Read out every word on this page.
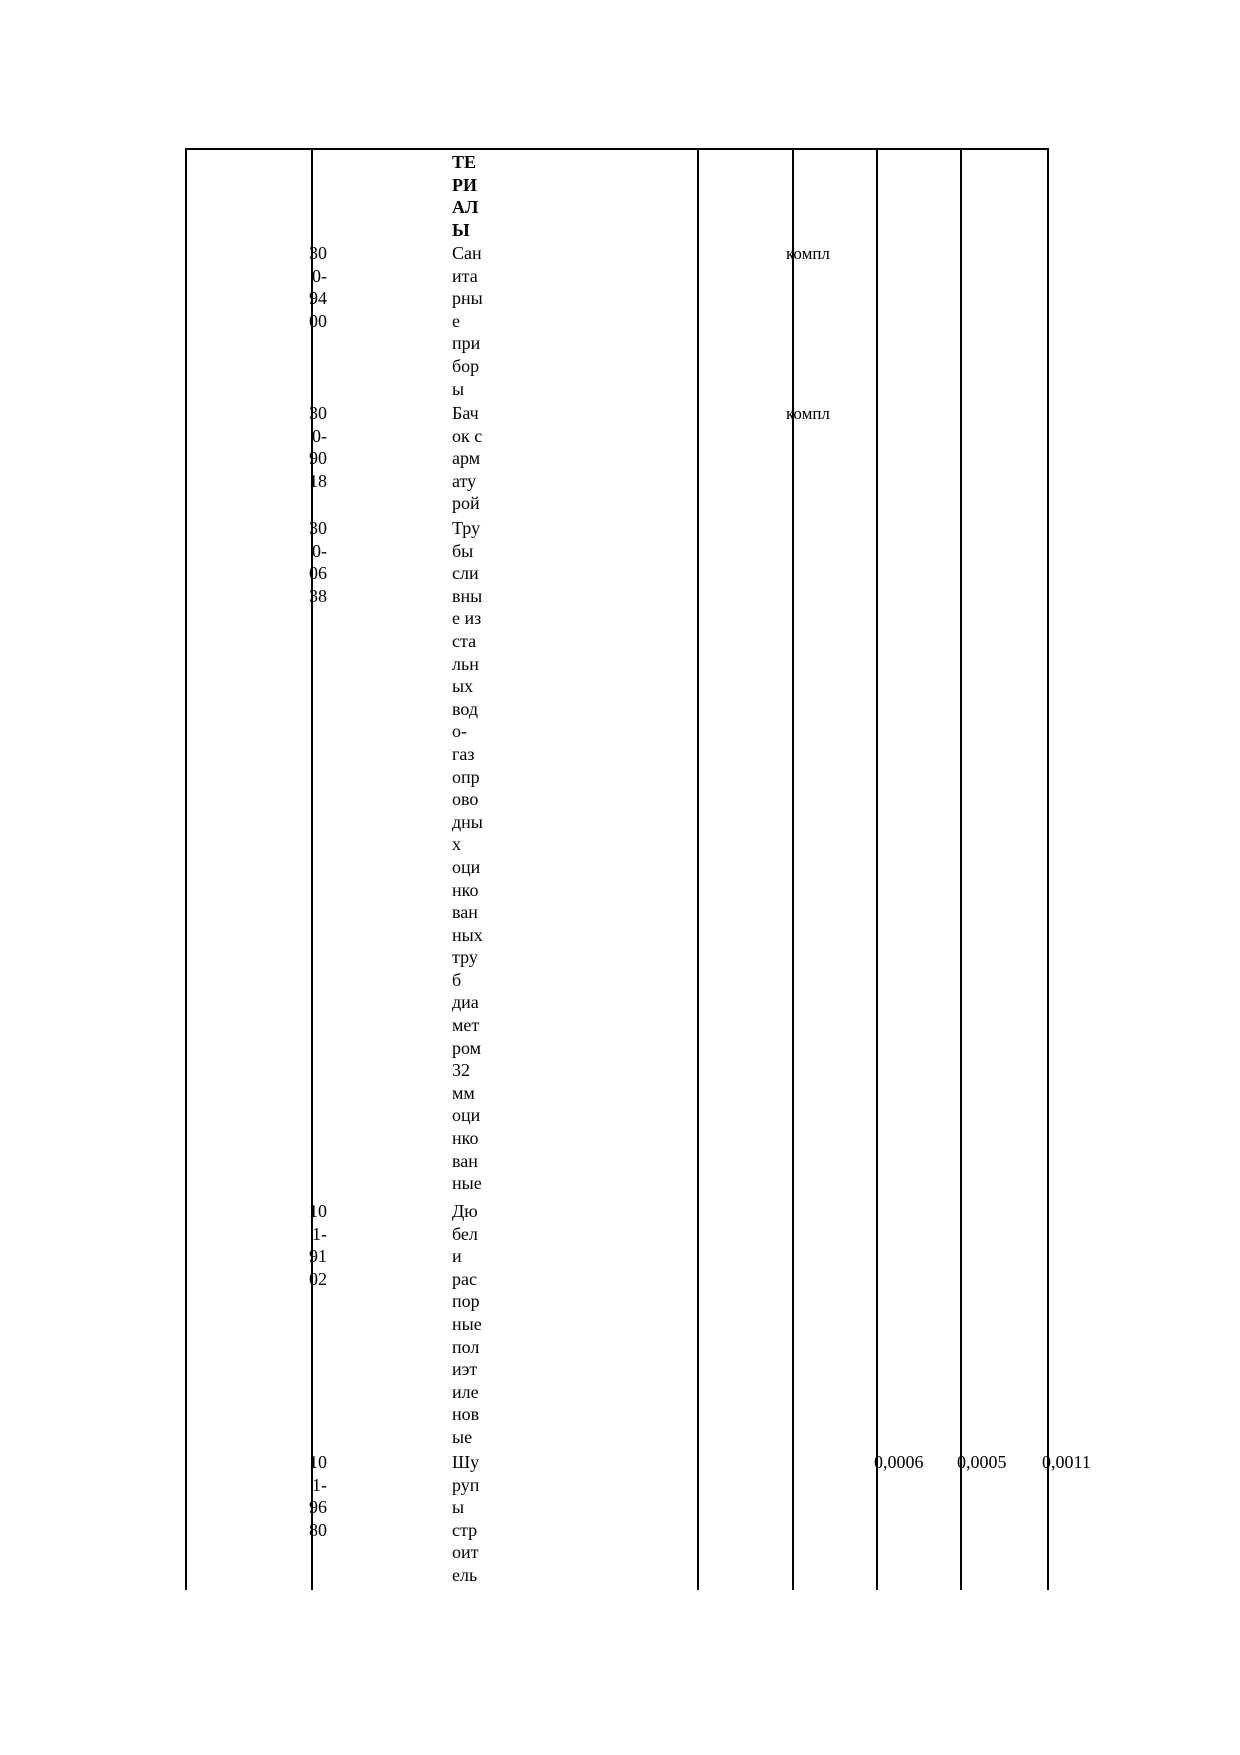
ТЕ
РИ
АЛ
Ы
30
0-
94
00
Сан
ита
рны
е
при
бор
ы
компл
30
0-
90
18
Бач
ок с
арм
ату
рой
компл
30
0-
06
38
Тру
бы
сли
вны
е из
ста
льн
ых
вод
о-
газ
опр
ово
дны
х
оци
нко
ван
ных
тру
б
диа
мет
ром
32
мм
оци
нко
ван
ные
10
1-
91
02
Дю
бел
и
рас
пор
ные
пол
иэт
иле
нов
ые
10
1-
96
80
Шу
руп
ы
стр
оит
ель
0,0006 0,0005 0,0011
